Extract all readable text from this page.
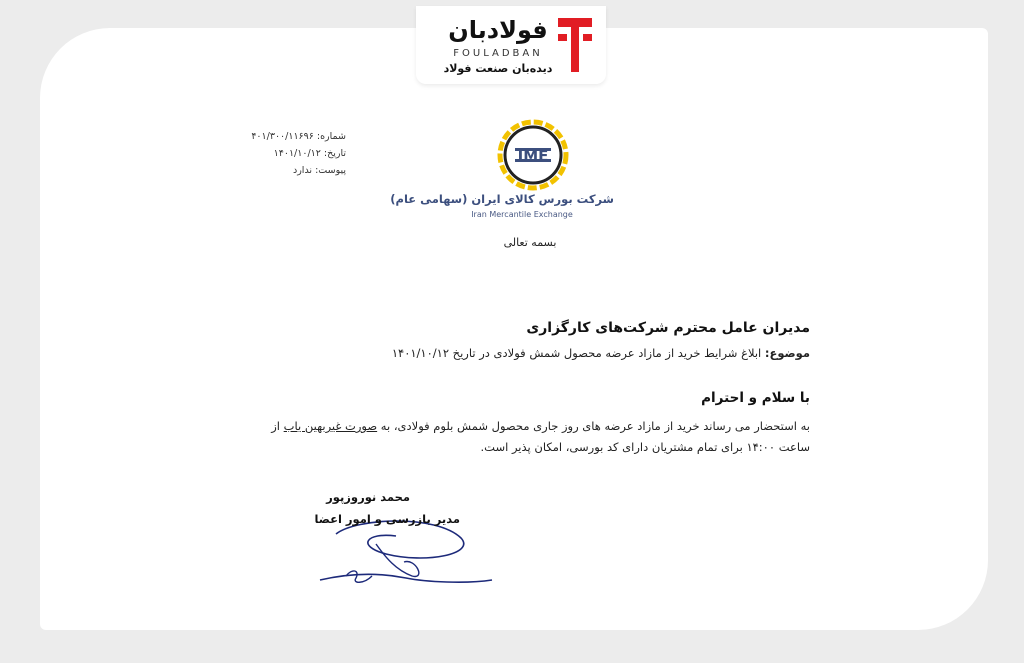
فولادبان
FOULADBAN
دیده‌بان صنعت فولاد
شماره: ۴۰۱/۳۰۰/۱۱۶۹۶
تاریخ: ۱۴۰۱/۱۰/۱۲
پیوست: ندارد
IME
شرکت بورس کالای ایران (سهامی عام)
Iran Mercantile Exchange
بسمه تعالی
مدیران عامل محترم شرکت‌های کارگزاری
موضوع: ابلاغ شرایط خرید از مازاد عرضه محصول شمش فولادی در تاریخ ۱۴۰۱/۱۰/۱۲
با سلام و احترام
به استحضار می رساند خرید از مازاد عرضه های روز جاری محصول شمش بلوم فولادی، به صورت غیربهین یاب از
ساعت ۱۴:۰۰ برای تمام مشتریان دارای کد بورسی، امکان پذیر است.
محمد نوروزپور
مدیر بازرسی و امور اعضا
